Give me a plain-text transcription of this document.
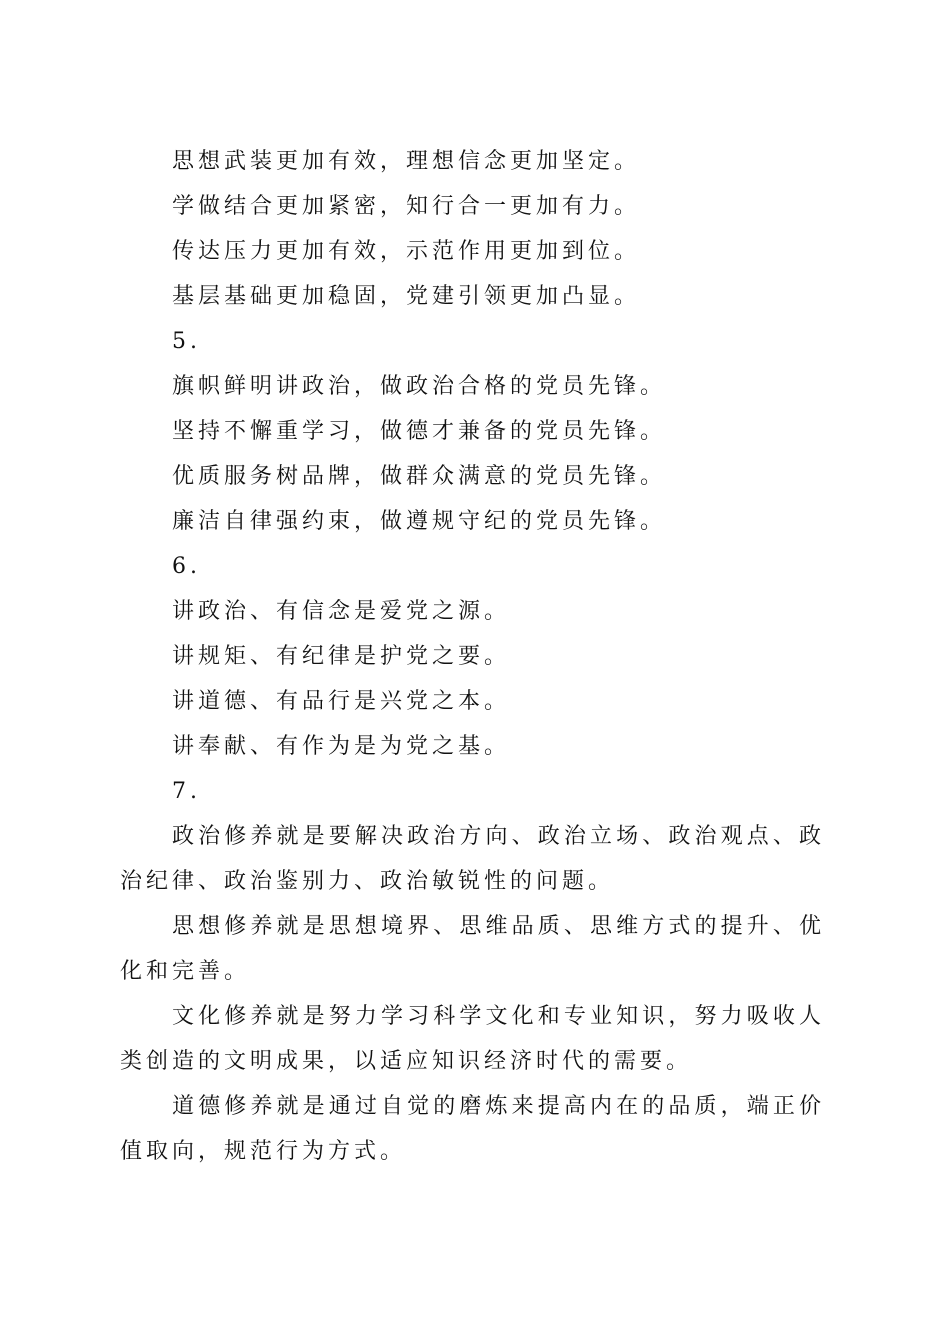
思想武装更加有效，理想信念更加坚定。
学做结合更加紧密，知行合一更加有力。
传达压力更加有效，示范作用更加到位。
基层基础更加稳固，党建引领更加凸显。
5.
旗帜鲜明讲政治，做政治合格的党员先锋。
坚持不懈重学习，做德才兼备的党员先锋。
优质服务树品牌，做群众满意的党员先锋。
廉洁自律强约束，做遵规守纪的党员先锋。
6.
讲政治、有信念是爱党之源。
讲规矩、有纪律是护党之要。
讲道德、有品行是兴党之本。
讲奉献、有作为是为党之基。
7.

政治修养就是要解决政治方向、政治立场、政治观点、政治纪律、政治鉴别力、政治敏锐性的问题。

思想修养就是思想境界、思维品质、思维方式的提升、优化和完善。

文化修养就是努力学习科学文化和专业知识，努力吸收人类创造的文明成果，以适应知识经济时代的需要。

道德修养就是通过自觉的磨炼来提高内在的品质，端正价值取向，规范行为方式。
